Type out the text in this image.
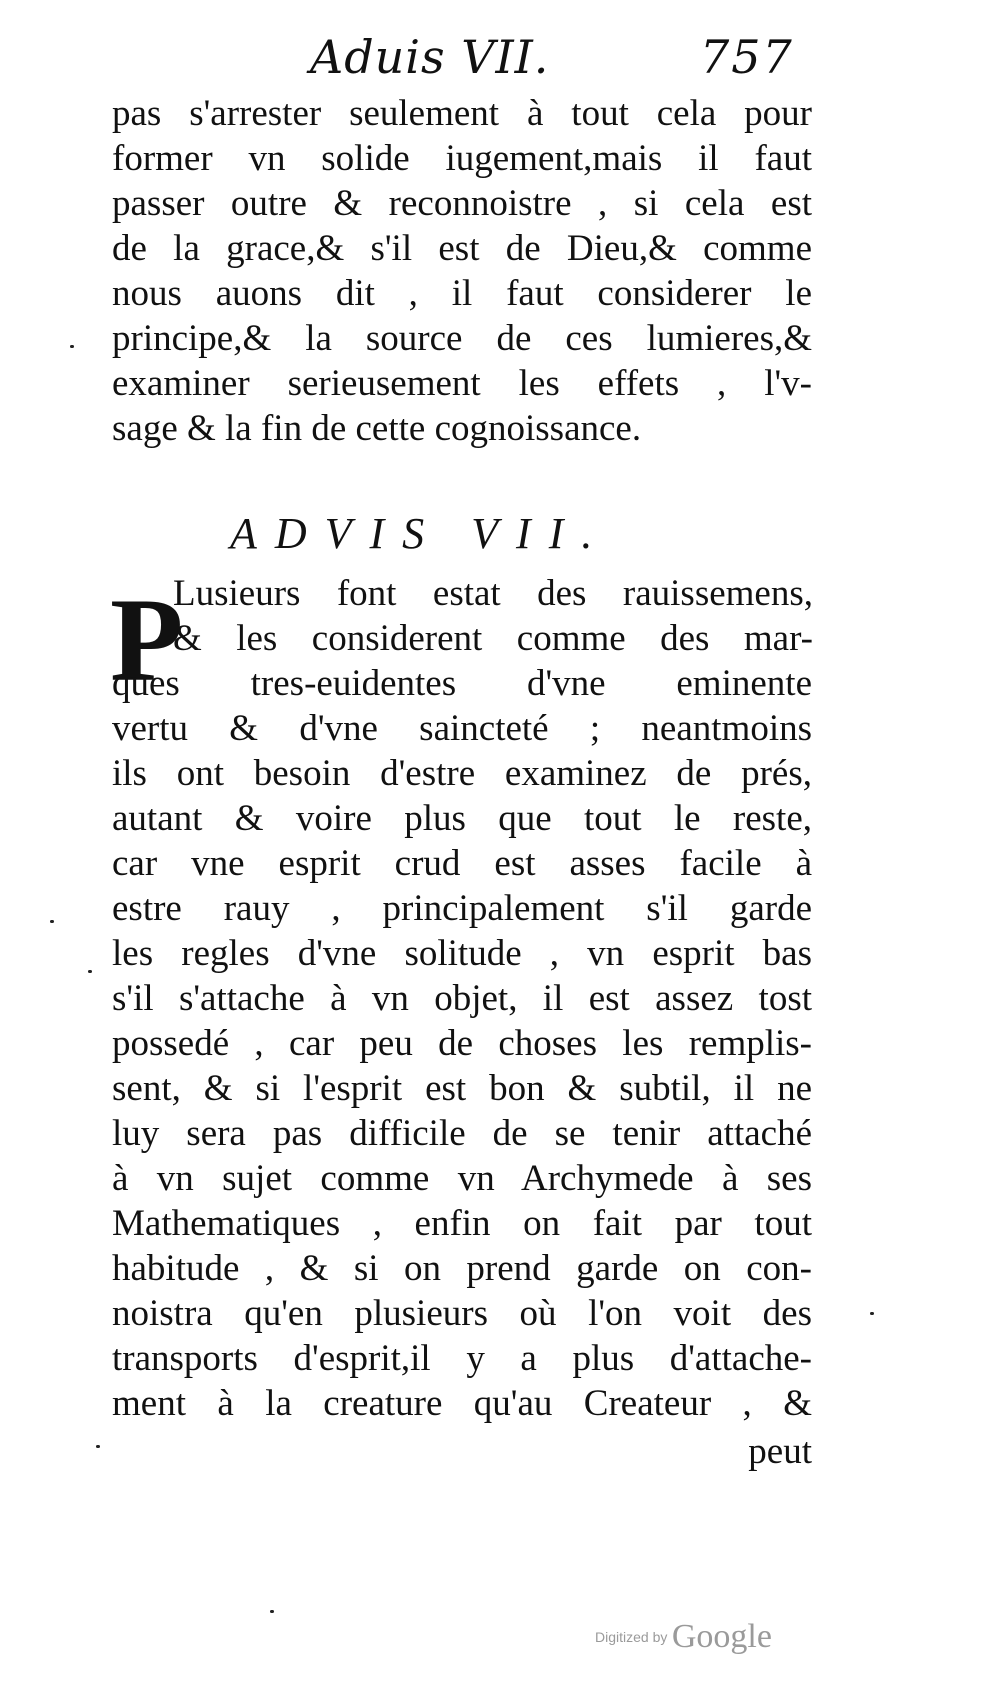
Aduis VII.	757
pas s'arrester seulement à tout cela pour
former vn solide iugement,mais il faut
passer outre & reconnoistre , si cela est
de la grace,& s'il est de Dieu,& comme
nous auons dit , il faut considerer le
principe,& la source de ces lumieres,&
examiner serieusement les effets , l'v-
sage & la fin de cette cognoissance.
ADVIS VII.
P
Lusieurs font estat des rauissemens,
& les considerent comme des mar-
ques tres-euidentes d'vne eminente
vertu & d'vne saincteté ; neantmoins
ils ont besoin d'estre examinez de prés,
autant & voire plus que tout le reste,
car vne esprit crud est asses facile à
estre rauy , principalement s'il garde
les regles d'vne solitude , vn esprit bas
s'il s'attache à vn objet, il est assez tost
possedé , car peu de choses les remplis-
sent, & si l'esprit est bon & subtil, il ne
luy sera pas difficile de se tenir attaché
à vn sujet comme vn Archymede à ses
Mathematiques , enfin on fait par tout
habitude , & si on prend garde on con-
noistra qu'en plusieurs où l'on voit des
transports d'esprit,il y a plus d'attache-
ment à la creature qu'au Createur , &
peut
Digitized by Google
